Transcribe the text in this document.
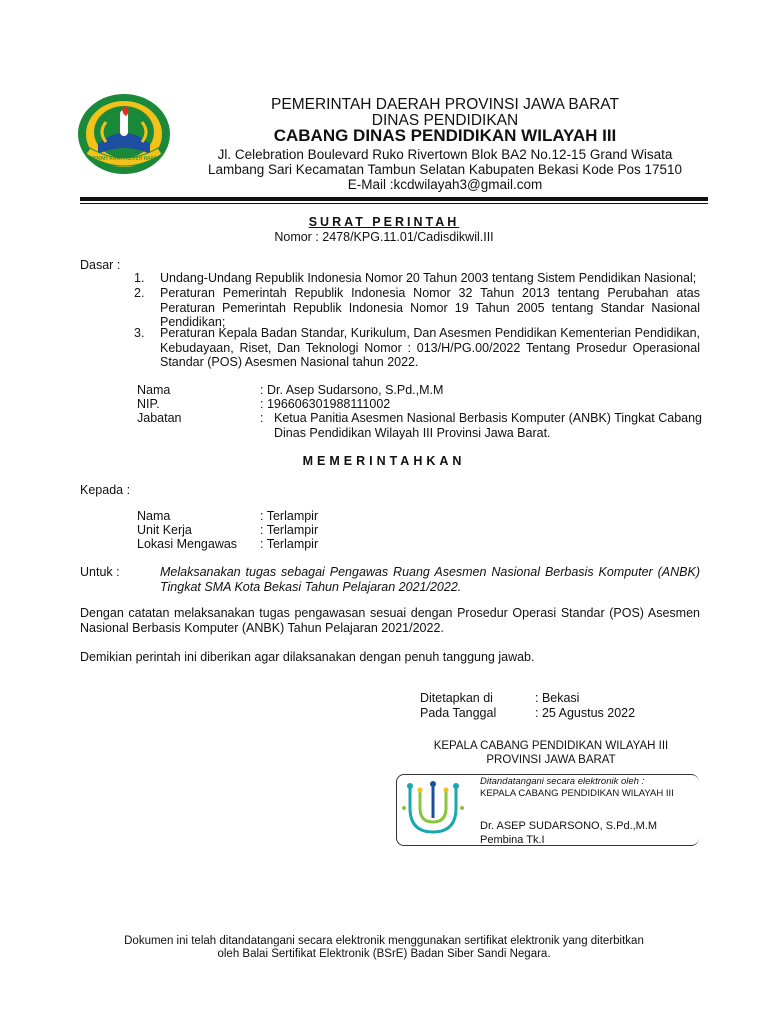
GEMAH RIPAH REPEH RAPIH
PEMERINTAH DAERAH PROVINSI JAWA BARAT
DINAS PENDIDIKAN
CABANG DINAS PENDIDIKAN WILAYAH III
Jl. Celebration Boulevard Ruko Rivertown Blok BA2 No.12-15 Grand Wisata
Lambang Sari Kecamatan Tambun Selatan Kabupaten Bekasi Kode Pos 17510
E-Mail :kcdwilayah3@gmail.com
SURAT PERINTAH
Nomor : 2478/KPG.11.01/Cadisdikwil.III
Dasar :
1. Undang-Undang Republik Indonesia Nomor 20 Tahun 2003 tentang Sistem Pendidikan Nasional;
2. Peraturan Pemerintah Republik Indonesia Nomor 32 Tahun 2013 tentang Perubahan atas Peraturan Pemerintah Republik Indonesia Nomor 19 Tahun 2005 tentang Standar Nasional Pendidikan;
3. Peraturan Kepala Badan Standar, Kurikulum, Dan Asesmen Pendidikan Kementerian Pendidikan, Kebudayaan, Riset, Dan Teknologi Nomor : 013/H/PG.00/2022 Tentang Prosedur Operasional Standar (POS) Asesmen Nasional tahun 2022.
Nama	: Dr. Asep Sudarsono, S.Pd.,M.M
NIP.	: 196606301988111002
Jabatan	: Ketua Panitia Asesmen Nasional Berbasis Komputer (ANBK) Tingkat Cabang Dinas Pendidikan Wilayah III Provinsi Jawa Barat.
MEMERINTAHKAN
Kepada :
Nama	: Terlampir
Unit Kerja	: Terlampir
Lokasi Mengawas : Terlampir
Untuk :	Melaksanakan tugas sebagai Pengawas Ruang Asesmen Nasional Berbasis Komputer (ANBK) Tingkat SMA Kota Bekasi Tahun Pelajaran 2021/2022.
Dengan catatan melaksanakan tugas pengawasan sesuai dengan Prosedur Operasi Standar (POS) Asesmen Nasional Berbasis Komputer (ANBK) Tahun Pelajaran 2021/2022.
Demikian perintah ini diberikan agar dilaksanakan dengan penuh tanggung jawab.
Ditetapkan di	: Bekasi
Pada Tanggal	: 25 Agustus 2022
KEPALA CABANG PENDIDIKAN WILAYAH III
PROVINSI JAWA BARAT
Ditandatangani secara elektronik oleh :
KEPALA CABANG PENDIDIKAN WILAYAH III
Dr. ASEP SUDARSONO, S.Pd.,M.M
Pembina Tk.I
Dokumen ini telah ditandatangani secara elektronik menggunakan sertifikat elektronik yang diterbitkan
oleh Balai Sertifikat Elektronik (BSrE) Badan Siber Sandi Negara.
